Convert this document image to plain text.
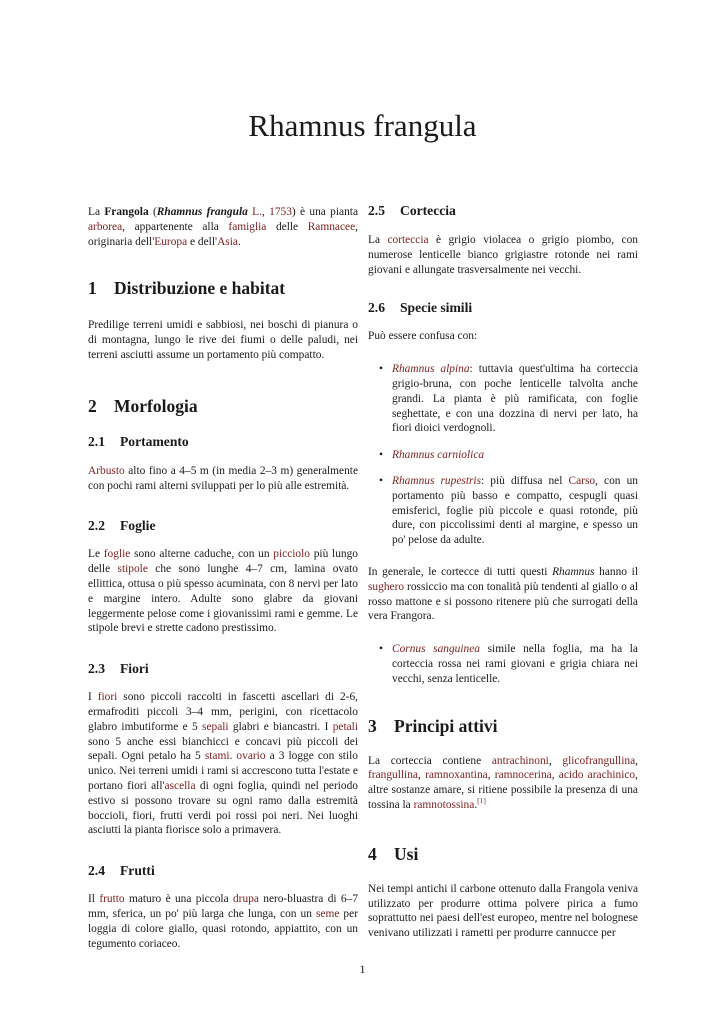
Rhamnus frangula

La Frangola (Rhamnus frangula L., 1753) è una pianta arborea, appartenente alla famiglia delle Ramnacee, originaria dell'Europa e dell'Asia.

1 Distribuzione e habitat

Predilige terreni umidi e sabbiosi, nei boschi di pianura o di montagna, lungo le rive dei fiumi o delle paludi, nei terreni asciutti assume un portamento più compatto.

2 Morfologia
2.1 Portamento

Arbusto alto fino a 4–5 m (in media 2–3 m) generalmente con pochi rami alterni sviluppati per lo più alle estremità.

2.2 Foglie

Le foglie sono alterne caduche, con un picciolo più lungo delle stipole che sono lunghe 4–7 cm, lamina ovato ellittica, ottusa o più spesso acuminata, con 8 nervi per lato e margine intero. Adulte sono glabre da giovani leggermente pelose come i giovanissimi rami e gemme. Le stipole brevi e strette cadono prestissimo.

2.3 Fiori

I fiori sono piccoli raccolti in fascetti ascellari di 2-6, ermafroditi piccoli 3–4 mm, perigini, con ricettacolo glabro imbutiforme e 5 sepali glabri e biancastri. I petali sono 5 anche essi bianchicci e concavi più piccoli dei sepali. Ogni petalo ha 5 stami. ovario a 3 logge con stilo unico. Nei terreni umidi i rami si accrescono tutta l'estate e portano fiori all'ascella di ogni foglia, quindi nel periodo estivo si possono trovare su ogni ramo dalla estremità boccioli, fiori, frutti verdi poi rossi poi neri. Nei luoghi asciutti la pianta fiorisce solo a primavera.

2.4 Frutti

Il frutto maturo è una piccola drupa nero-bluastra di 6–7 mm, sferica, un po' più larga che lunga, con un seme per loggia di colore giallo, quasi rotondo, appiattito, con un tegumento coriaceo.

2.5 Corteccia

La corteccia è grigio violacea o grigio piombo, con numerose lenticelle bianco grigiastre rotonde nei rami giovani e allungate trasversalmente nei vecchi.

2.6 Specie simili

Può essere confusa con:

• Rhamnus alpina: tuttavia quest'ultima ha corteccia grigio-bruna, con poche lenticelle talvolta anche grandi. La pianta è più ramificata, con foglie seghettate, e con una dozzina di nervi per lato, ha fiori dioici verdognoli.
• Rhamnus carniolica
• Rhamnus rupestris: più diffusa nel Carso, con un portamento più basso e compatto, cespugli quasi emisferici, foglie più piccole e quasi rotonde, più dure, con piccolissimi denti al margine, e spesso un po' pelose da adulte.

In generale, le cortecce di tutti questi Rhamnus hanno il sughero rossiccio ma con tonalità più tendenti al giallo o al rosso mattone e si possono ritenere più che surrogati della vera Frangora.

• Cornus sanguinea simile nella foglia, ma ha la corteccia rossa nei rami giovani e grigia chiara nei vecchi, senza lenticelle.
3 Principi attivi

La corteccia contiene antrachinoni, glicofrangullina, frangullina, ramnoxantina, ramnocerina, acido arachinico, altre sostanze amare, si ritiene possibile la presenza di una tossina la ramnotossina.[1]

4 Usi

Nei tempi antichi il carbone ottenuto dalla Frangola veniva utilizzato per produrre ottima polvere pirica a fumo soprattutto nei paesi dell'est europeo, mentre nel bolognese venivano utilizzati i rametti per produrre cannucce per

1
